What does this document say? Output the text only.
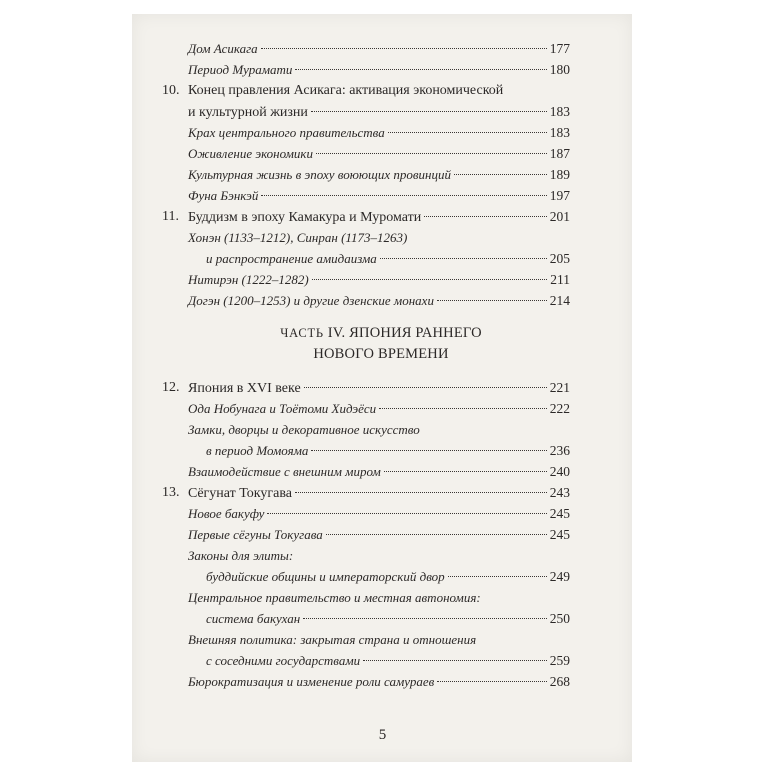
Дом Асикага	177
Период Мурамати	180
10. Конец правления Асикага: активация экономической
и культурной жизни	183
Крах центрального правительства	183
Оживление экономики	187
Культурная жизнь в эпоху воюющих провинций	189
Фуна Бэнкэй	197
11. Буддизм в эпоху Камакура и Муромати	201
Хонэн (1133–1212), Синран (1173–1263)
и распространение амидаизма	205
Нитирэн (1222–1282)	211
Догэн (1200–1253) и другие дзенские монахи	214
ЧАСТЬ IV. ЯПОНИЯ РАННЕГО
НОВОГО ВРЕМЕНИ
12. Япония в XVI веке	221
Ода Нобунага и Тоётоми Хидэёси	222
Замки, дворцы и декоративное искусство
в период Момояма	236
Взаимодействие с внешним миром	240
13. Сёгунат Токугава	243
Новое бакуфу	245
Первые сёгуны Токугава	245
Законы для элиты:
буддийские общины и императорский двор	249
Центральное правительство и местная автономия:
система бакухан	250
Внешняя политика: закрытая страна и отношения
с соседними государствами	259
Бюрократизация и изменение роли самураев	268
5
